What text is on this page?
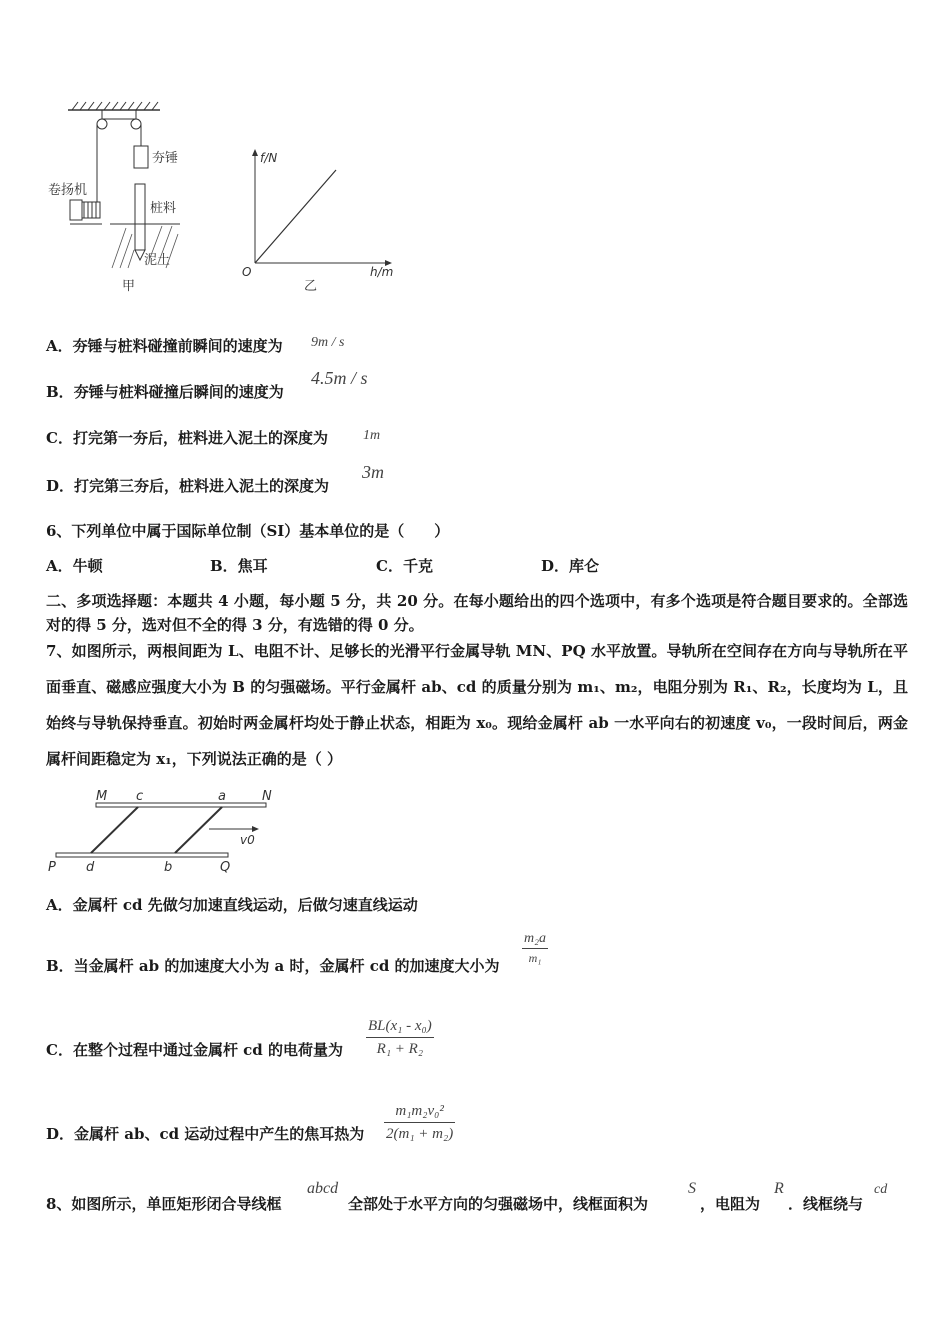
夯锤
卷扬机
桩料
泥土
甲
f/N
h/m
O
乙
A．夯锤与桩料碰撞前瞬间的速度为 9m / s
B．夯锤与桩料碰撞后瞬间的速度为
4.5m / s
C．打完第一夯后，桩料进入泥土的深度为	1m
D．打完第三夯后，桩料进入泥土的深度为
3m
6、下列单位中属于国际单位制（SI）基本单位的是（　　）
A．牛顿	B．焦耳	C．千克	D．库仑
二、多项选择题：本题共 4 小题，每小题 5 分，共 20 分。在每小题给出的四个选项中，有多个选项是符合题目要求的。全部选对的得 5 分，选对但不全的得 3 分，有选错的得 0 分。
7、如图所示，两根间距为 L、电阻不计、足够长的光滑平行金属导轨 MN、PQ 水平放置。导轨所在空间存在方向与导轨所在平面垂直、磁感应强度大小为 B 的匀强磁场。平行金属杆 ab、cd 的质量分别为 m₁、m₂，电阻分别为 R₁、R₂，长度均为 L，且始终与导轨保持垂直。初始时两金属杆均处于静止状态，相距为 x₀。现给金属杆 ab 一水平向右的初速度 v₀，一段时间后，两金属杆间距稳定为 x₁，下列说法正确的是（ ）
M c	a	N
v0
P d	b	Q
A．金属杆 cd 先做匀加速直线运动，后做匀速直线运动
B．当金属杆 ab 的加速度大小为 a 时，金属杆 cd 的加速度大小为 $\frac{\text{m₂a}}{\text{m₁}}$
C．在整个过程中通过金属杆 cd 的电荷量为 $\frac{\text{BL(x₁ - x₀)}}{\text{R₁ + R₂}}$
D．金属杆 ab、cd 运动过程中产生的焦耳热为 $\frac{\text{m₁m₂v₀²}}{\text{2(m₁ + m₂)}}$
8、如图所示，单匝矩形闭合导线框
abcd
全部处于水平方向的匀强磁场中，线框面积为
S
，电阻为
R
．线框绕与
cd
